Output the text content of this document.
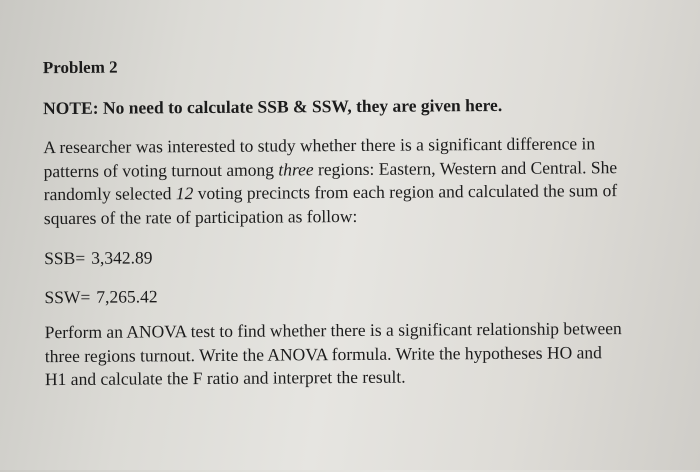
Problem 2
NOTE: No need to calculate SSB & SSW, they are given here.

A researcher was interested to study whether there is a significant difference in

patterns of voting turnout among three regions: Eastern, Western and Central. She

randomly selected 12 voting precincts from each region and calculated the sum of

squares of the rate of participation as follow:

SSB= 3,342.89
SSW= 7,265.42

Perform an ANOVA test to find whether there is a significant relationship between

three regions turnout. Write the ANOVA formula. Write the hypotheses HO and

H1 and calculate the F ratio and interpret the result.
